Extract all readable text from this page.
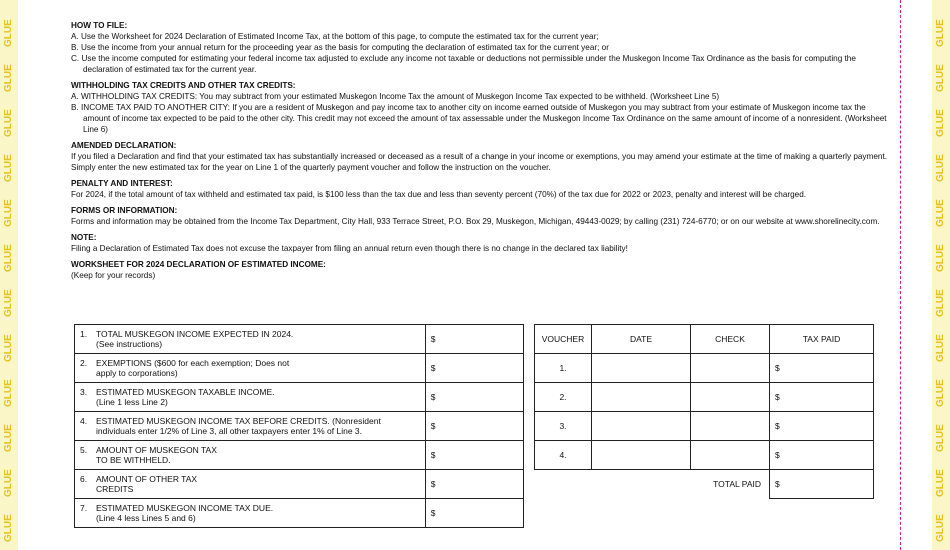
GLUE
GLUE
GLUE
GLUE
GLUE
GLUE
GLUE
GLUE
GLUE
GLUE
GLUE
GLUE
GLUE
GLUE
GLUE
GLUE
GLUE
GLUE
GLUE
GLUE
GLUE
GLUE
GLUE
GLUE
HOW TO FILE:
A. Use the Worksheet for 2024 Declaration of Estimated Income Tax, at the bottom of this page, to compute the estimated tax for the current year;
B. Use the income from your annual return for the proceeding year as the basis for computing the declaration of estimated tax for the current year; or
C. Use the income computed for estimating your federal income tax adjusted to exclude any income not taxable or deductions not permissible under the Muskegon Income Tax Ordinance as the basis for computing the declaration of estimated tax for the current year.
WITHHOLDING TAX CREDITS AND OTHER TAX CREDITS:
A. WITHHOLDING TAX CREDITS: You may subtract from your estimated Muskegon Income Tax the amount of Muskegon Income Tax expected to be withheld. (Worksheet Line 5)
B. INCOME TAX PAID TO ANOTHER CITY: If you are a resident of Muskegon and pay income tax to another city on income earned outside of Muskegon you may subtract from your estimate of Muskegon income tax the amount of income tax expected to be paid to the other city. This credit may not exceed the amount of tax assessable under the Muskegon Income Tax Ordinance on the same amount of income of a nonresident. (Worksheet Line 6)
AMENDED DECLARATION:
If you filed a Declaration and find that your estimated tax has substantially increased or deceased as a result of a change in your income or exemptions, you may amend your estimate at the time of making a quarterly payment. Simply enter the new estimated tax for the year on Line 1 of the quarterly payment voucher and follow the instruction on the voucher.
PENALTY AND INTEREST:
For 2024, if the total amount of tax withheld and estimated tax paid, is $100 less than the tax due and less than seventy percent (70%) of the tax due for 2022 or 2023, penalty and interest will be charged.
FORMS OR INFORMATION:
Forms and information may be obtained from the Income Tax Department, City Hall, 933 Terrace Street, P.O. Box 29, Muskegon, Michigan, 49443-0029; by calling (231) 724-6770; or on our website at www.shorelinecity.com.
NOTE:
Filing a Declaration of Estimated Tax does not excuse the taxpayer from filing an annual return even though there is no change in the declared tax liability!
WORKSHEET FOR 2024 DECLARATION OF ESTIMATED INCOME:
(Keep for your records)
1. TOTAL MUSKEGON INCOME EXPECTED IN 2024.
(See instructions)	$
2. EXEMPTIONS ($600 for each exemption; Does not
apply to corporations)	$
3. ESTIMATED MUSKEGON TAXABLE INCOME.
(Line 1 less Line 2)	$
4. ESTIMATED MUSKEGON INCOME TAX BEFORE CREDITS. (Nonresident
individuals enter 1/2% of Line 3, all other taxpayers enter 1% of Line 3.	$
5. AMOUNT OF MUSKEGON TAX
TO BE WITHHELD.	$
6. AMOUNT OF OTHER TAX
CREDITS	$
7. ESTIMATED MUSKEGON INCOME TAX DUE.
(Line 4 less Lines 5 and 6)	$
VOUCHER	DATE	CHECK	TAX PAID
1.			$
2.			$
3.			$
4.			$
TOTAL PAID			$
